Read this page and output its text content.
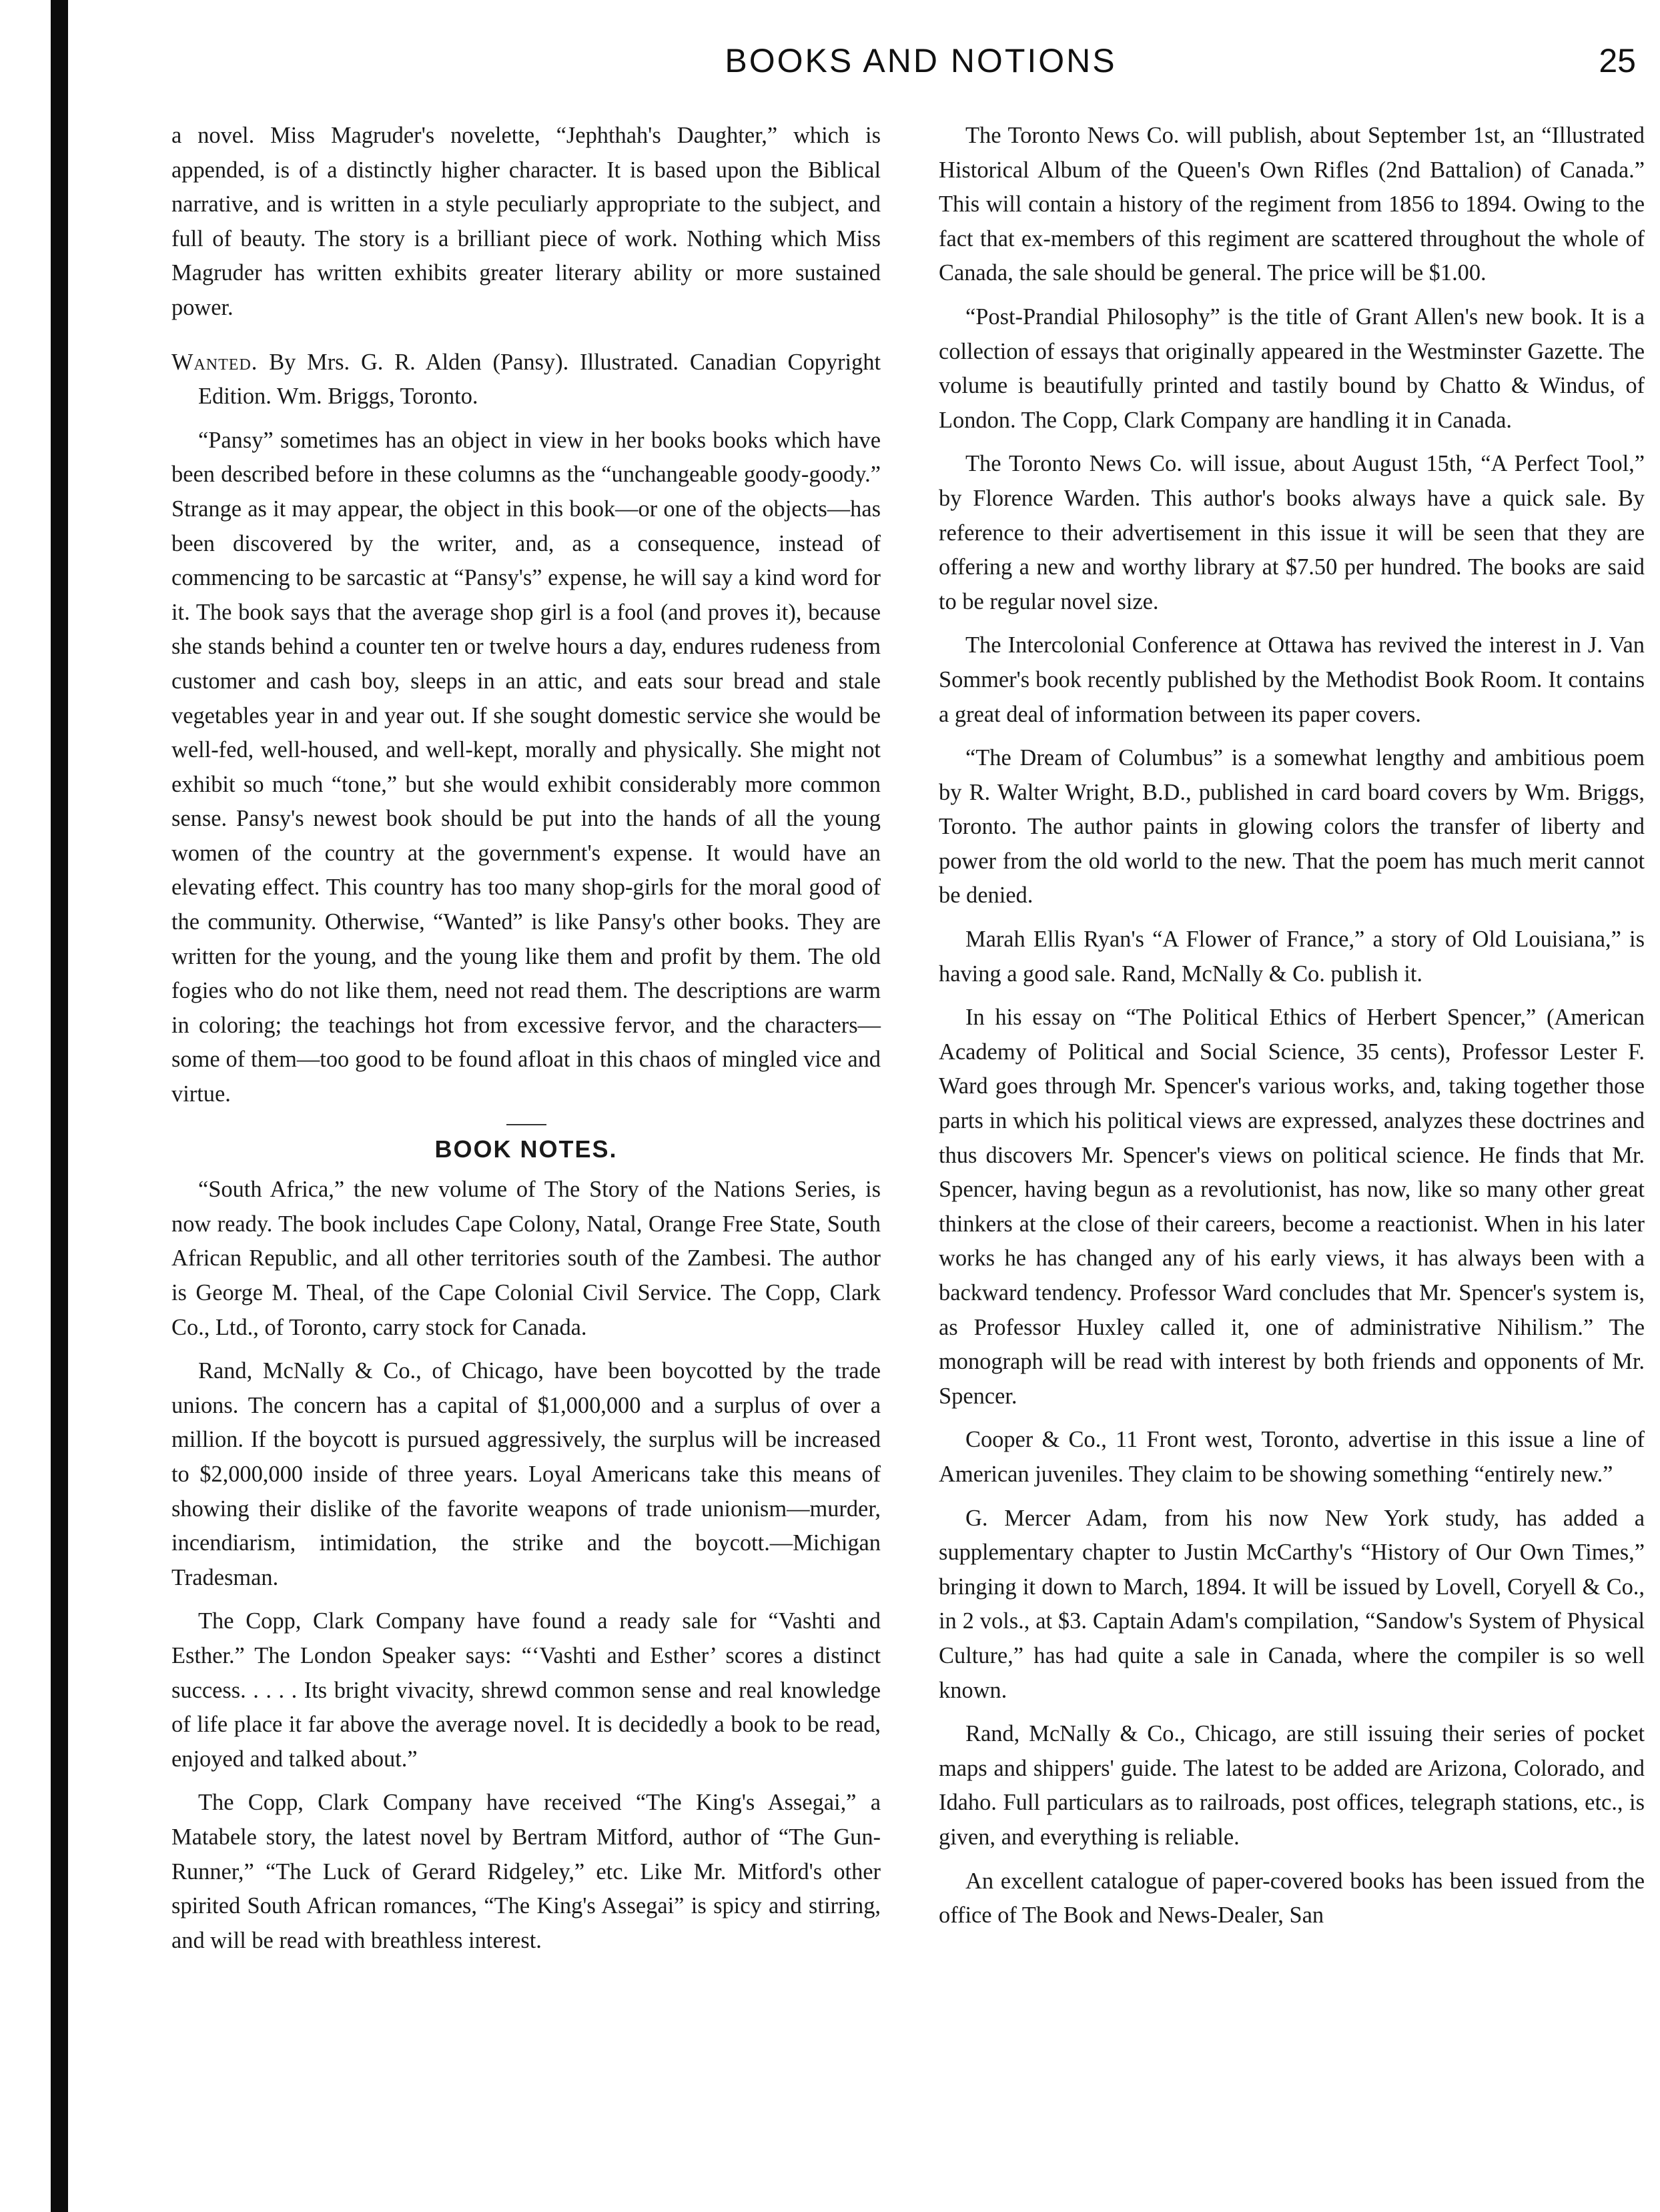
BOOKS AND NOTIONS	25

a novel. Miss Magruder's novelette, “Jephthah's Daughter,” which is appended, is of a distinctly higher character. It is based upon the Biblical narrative, and is written in a style peculiarly appropriate to the subject, and full of beauty. The story is a brilliant piece of work. Nothing which Miss Magruder has written exhibits greater literary ability or more sustained power.

Wanted. By Mrs. G. R. Alden (Pansy). Illustrated. Canadian Copyright Edition. Wm. Briggs, Toronto.

“Pansy” sometimes has an object in view in her books books which have been described before in these columns as the “unchangeable goody-goody.” Strange as it may appear, the object in this book—or one of the objects—has been discovered by the writer, and, as a consequence, instead of commencing to be sarcastic at “Pansy's” expense, he will say a kind word for it. The book says that the average shop girl is a fool (and proves it), because she stands behind a counter ten or twelve hours a day, endures rudeness from customer and cash boy, sleeps in an attic, and eats sour bread and stale vegetables year in and year out. If she sought domestic service she would be well-fed, well-housed, and well-kept, morally and physically. She might not exhibit so much “tone,” but she would exhibit considerably more common sense. Pansy's newest book should be put into the hands of all the young women of the country at the government's expense. It would have an elevating effect. This country has too many shop-girls for the moral good of the community. Otherwise, “Wanted” is like Pansy's other books. They are written for the young, and the young like them and profit by them. The old fogies who do not like them, need not read them. The descriptions are warm in coloring; the teachings hot from excessive fervor, and the characters—some of them—too good to be found afloat in this chaos of mingled vice and virtue.

BOOK NOTES.

“South Africa,” the new volume of The Story of the Nations Series, is now ready. The book includes Cape Colony, Natal, Orange Free State, South African Republic, and all other territories south of the Zambesi. The author is George M. Theal, of the Cape Colonial Civil Service. The Copp, Clark Co., Ltd., of Toronto, carry stock for Canada.

Rand, McNally & Co., of Chicago, have been boycotted by the trade unions. The concern has a capital of $1,000,000 and a surplus of over a million. If the boycott is pursued aggressively, the surplus will be increased to $2,000,000 inside of three years. Loyal Americans take this means of showing their dislike of the favorite weapons of trade unionism—murder, incendiarism, intimidation, the strike and the boycott.—Michigan Tradesman.

The Copp, Clark Company have found a ready sale for “Vashti and Esther.” The London Speaker says: “‘Vashti and Esther’ scores a distinct success. . . . . Its bright vivacity, shrewd common sense and real knowledge of life place it far above the average novel. It is decidedly a book to be read, enjoyed and talked about.”

The Copp, Clark Company have received “The King's Assegai,” a Matabele story, the latest novel by Bertram Mitford, author of “The Gun-Runner,” “The Luck of Gerard Ridgeley,” etc. Like Mr. Mitford's other spirited South African romances, “The King's Assegai” is spicy and stirring, and will be read with breathless interest.

The Toronto News Co. will publish, about September 1st, an “Illustrated Historical Album of the Queen's Own Rifles (2nd Battalion) of Canada.” This will contain a history of the regiment from 1856 to 1894. Owing to the fact that ex-members of this regiment are scattered throughout the whole of Canada, the sale should be general. The price will be $1.00.

“Post-Prandial Philosophy” is the title of Grant Allen's new book. It is a collection of essays that originally appeared in the Westminster Gazette. The volume is beautifully printed and tastily bound by Chatto & Windus, of London. The Copp, Clark Company are handling it in Canada.

The Toronto News Co. will issue, about August 15th, “A Perfect Tool,” by Florence Warden. This author's books always have a quick sale. By reference to their advertisement in this issue it will be seen that they are offering a new and worthy library at $7.50 per hundred. The books are said to be regular novel size.

The Intercolonial Conference at Ottawa has revived the interest in J. Van Sommer's book recently published by the Methodist Book Room. It contains a great deal of information between its paper covers.

“The Dream of Columbus” is a somewhat lengthy and ambitious poem by R. Walter Wright, B.D., published in card board covers by Wm. Briggs, Toronto. The author paints in glowing colors the transfer of liberty and power from the old world to the new. That the poem has much merit cannot be denied.

Marah Ellis Ryan's “A Flower of France,” a story of Old Louisiana,” is having a good sale. Rand, McNally & Co. publish it.

In his essay on “The Political Ethics of Herbert Spencer,” (American Academy of Political and Social Science, 35 cents), Professor Lester F. Ward goes through Mr. Spencer's various works, and, taking together those parts in which his political views are expressed, analyzes these doctrines and thus discovers Mr. Spencer's views on political science. He finds that Mr. Spencer, having begun as a revolutionist, has now, like so many other great thinkers at the close of their careers, become a reactionist. When in his later works he has changed any of his early views, it has always been with a backward tendency. Professor Ward concludes that Mr. Spencer's system is, as Professor Huxley called it, one of administrative Nihilism.” The monograph will be read with interest by both friends and opponents of Mr. Spencer.

Cooper & Co., 11 Front west, Toronto, advertise in this issue a line of American juveniles. They claim to be showing something “entirely new.”

G. Mercer Adam, from his now New York study, has added a supplementary chapter to Justin McCarthy's “History of Our Own Times,” bringing it down to March, 1894. It will be issued by Lovell, Coryell & Co., in 2 vols., at $3. Captain Adam's compilation, “Sandow's System of Physical Culture,” has had quite a sale in Canada, where the compiler is so well known.

Rand, McNally & Co., Chicago, are still issuing their series of pocket maps and shippers' guide. The latest to be added are Arizona, Colorado, and Idaho. Full particulars as to railroads, post offices, telegraph stations, etc., is given, and everything is reliable.

An excellent catalogue of paper-covered books has been issued from the office of The Book and News-Dealer, San
